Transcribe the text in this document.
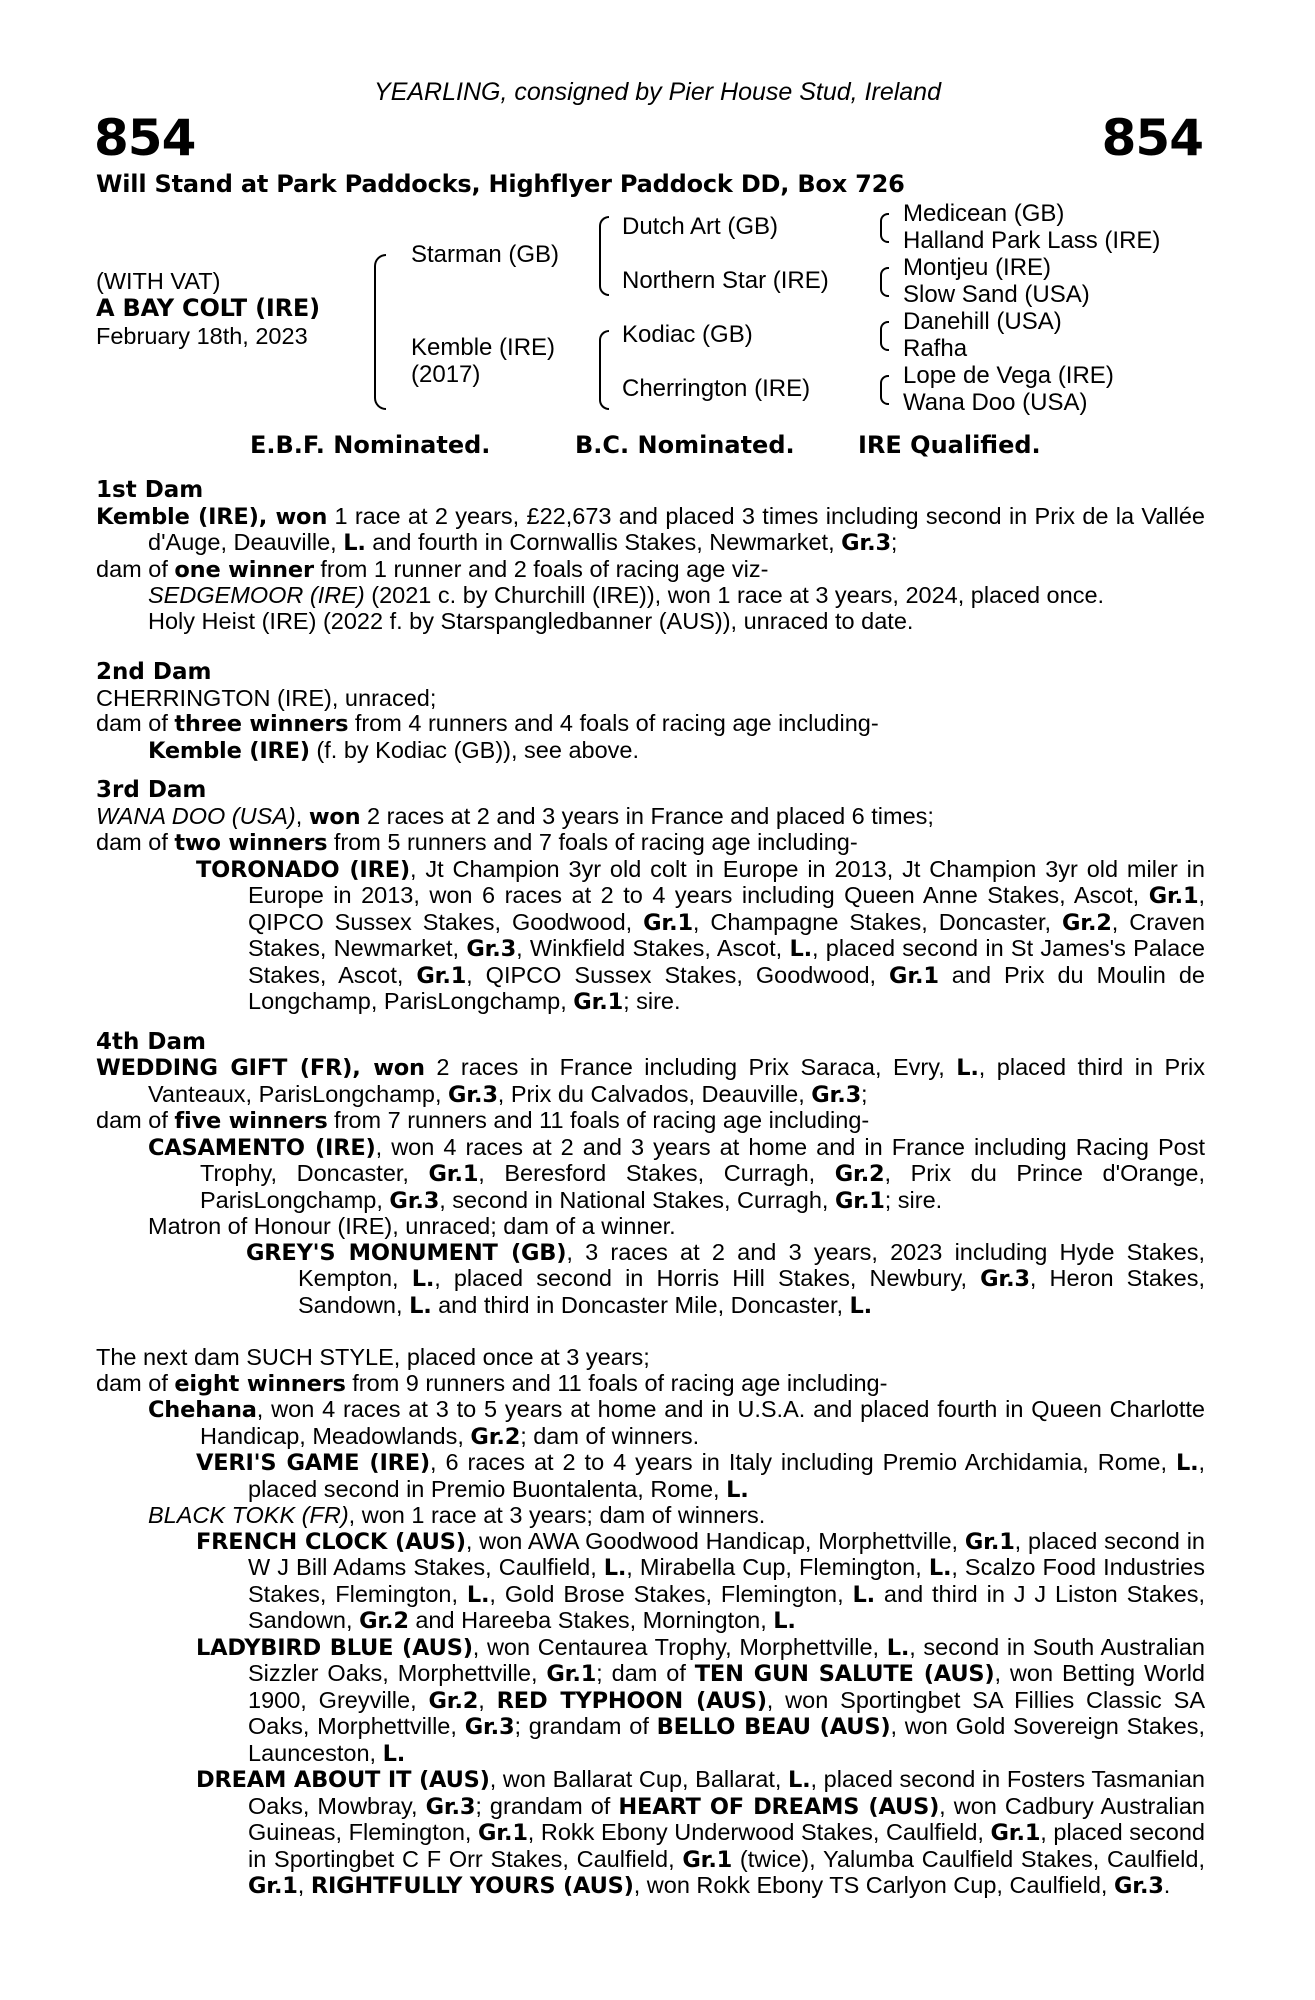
YEARLING, consigned by Pier House Stud, Ireland
854	854
Will Stand at Park Paddocks, Highflyer Paddock DD, Box 726
(WITH VAT)
A BAY COLT (IRE)
February 18th, 2023
Starman (GB)
Kemble (IRE)
(2017)
Dutch Art (GB)
Northern Star (IRE)
Kodiac (GB)
Cherrington (IRE)
Medicean (GB)
Halland Park Lass (IRE)
Montjeu (IRE)
Slow Sand (USA)
Danehill (USA)
Rafha
Lope de Vega (IRE)
Wana Doo (USA)
E.B.F. Nominated.	B.C. Nominated.	IRE Qualified.

1st Dam

Kemble (IRE), won 1 race at 2 years, £22,673 and placed 3 times including second in Prix de la Vallée d'Auge, Deauville, L. and fourth in Cornwallis Stakes, Newmarket, Gr.3;

dam of one winner from 1 runner and 2 foals of racing age viz-

SEDGEMOOR (IRE) (2021 c. by Churchill (IRE)), won 1 race at 3 years, 2024, placed once.

Holy Heist (IRE) (2022 f. by Starspangledbanner (AUS)), unraced to date.

2nd Dam

CHERRINGTON (IRE), unraced;

dam of three winners from 4 runners and 4 foals of racing age including-

Kemble (IRE) (f. by Kodiac (GB)), see above.

3rd Dam

WANA DOO (USA), won 2 races at 2 and 3 years in France and placed 6 times;

dam of two winners from 5 runners and 7 foals of racing age including-

TORONADO (IRE), Jt Champion 3yr old colt in Europe in 2013, Jt Champion 3yr old miler in Europe in 2013, won 6 races at 2 to 4 years including Queen Anne Stakes, Ascot, Gr.1, QIPCO Sussex Stakes, Goodwood, Gr.1, Champagne Stakes, Doncaster, Gr.2, Craven Stakes, Newmarket, Gr.3, Winkfield Stakes, Ascot, L., placed second in St James's Palace Stakes, Ascot, Gr.1, QIPCO Sussex Stakes, Goodwood, Gr.1 and Prix du Moulin de Longchamp, ParisLongchamp, Gr.1; sire.

4th Dam

WEDDING GIFT (FR), won 2 races in France including Prix Saraca, Evry, L., placed third in Prix Vanteaux, ParisLongchamp, Gr.3, Prix du Calvados, Deauville, Gr.3;

dam of five winners from 7 runners and 11 foals of racing age including-

CASAMENTO (IRE), won 4 races at 2 and 3 years at home and in France including Racing Post Trophy, Doncaster, Gr.1, Beresford Stakes, Curragh, Gr.2, Prix du Prince d'Orange, ParisLongchamp, Gr.3, second in National Stakes, Curragh, Gr.1; sire.

Matron of Honour (IRE), unraced; dam of a winner.

GREY'S MONUMENT (GB), 3 races at 2 and 3 years, 2023 including Hyde Stakes, Kempton, L., placed second in Horris Hill Stakes, Newbury, Gr.3, Heron Stakes, Sandown, L. and third in Doncaster Mile, Doncaster, L.

The next dam SUCH STYLE, placed once at 3 years;

dam of eight winners from 9 runners and 11 foals of racing age including-

Chehana, won 4 races at 3 to 5 years at home and in U.S.A. and placed fourth in Queen Charlotte Handicap, Meadowlands, Gr.2; dam of winners.

VERI'S GAME (IRE), 6 races at 2 to 4 years in Italy including Premio Archidamia, Rome, L., placed second in Premio Buontalenta, Rome, L.

BLACK TOKK (FR), won 1 race at 3 years; dam of winners.

FRENCH CLOCK (AUS), won AWA Goodwood Handicap, Morphettville, Gr.1, placed second in W J Bill Adams Stakes, Caulfield, L., Mirabella Cup, Flemington, L., Scalzo Food Industries Stakes, Flemington, L., Gold Brose Stakes, Flemington, L. and third in J J Liston Stakes, Sandown, Gr.2 and Hareeba Stakes, Mornington, L.

LADYBIRD BLUE (AUS), won Centaurea Trophy, Morphettville, L., second in South Australian Sizzler Oaks, Morphettville, Gr.1; dam of TEN GUN SALUTE (AUS), won Betting World 1900, Greyville, Gr.2, RED TYPHOON (AUS), won Sportingbet SA Fillies Classic SA Oaks, Morphettville, Gr.3; grandam of BELLO BEAU (AUS), won Gold Sovereign Stakes, Launceston, L.

DREAM ABOUT IT (AUS), won Ballarat Cup, Ballarat, L., placed second in Fosters Tasmanian Oaks, Mowbray, Gr.3; grandam of HEART OF DREAMS (AUS), won Cadbury Australian Guineas, Flemington, Gr.1, Rokk Ebony Underwood Stakes, Caulfield, Gr.1, placed second in Sportingbet C F Orr Stakes, Caulfield, Gr.1 (twice), Yalumba Caulfield Stakes, Caulfield, Gr.1, RIGHTFULLY YOURS (AUS), won Rokk Ebony TS Carlyon Cup, Caulfield, Gr.3.
